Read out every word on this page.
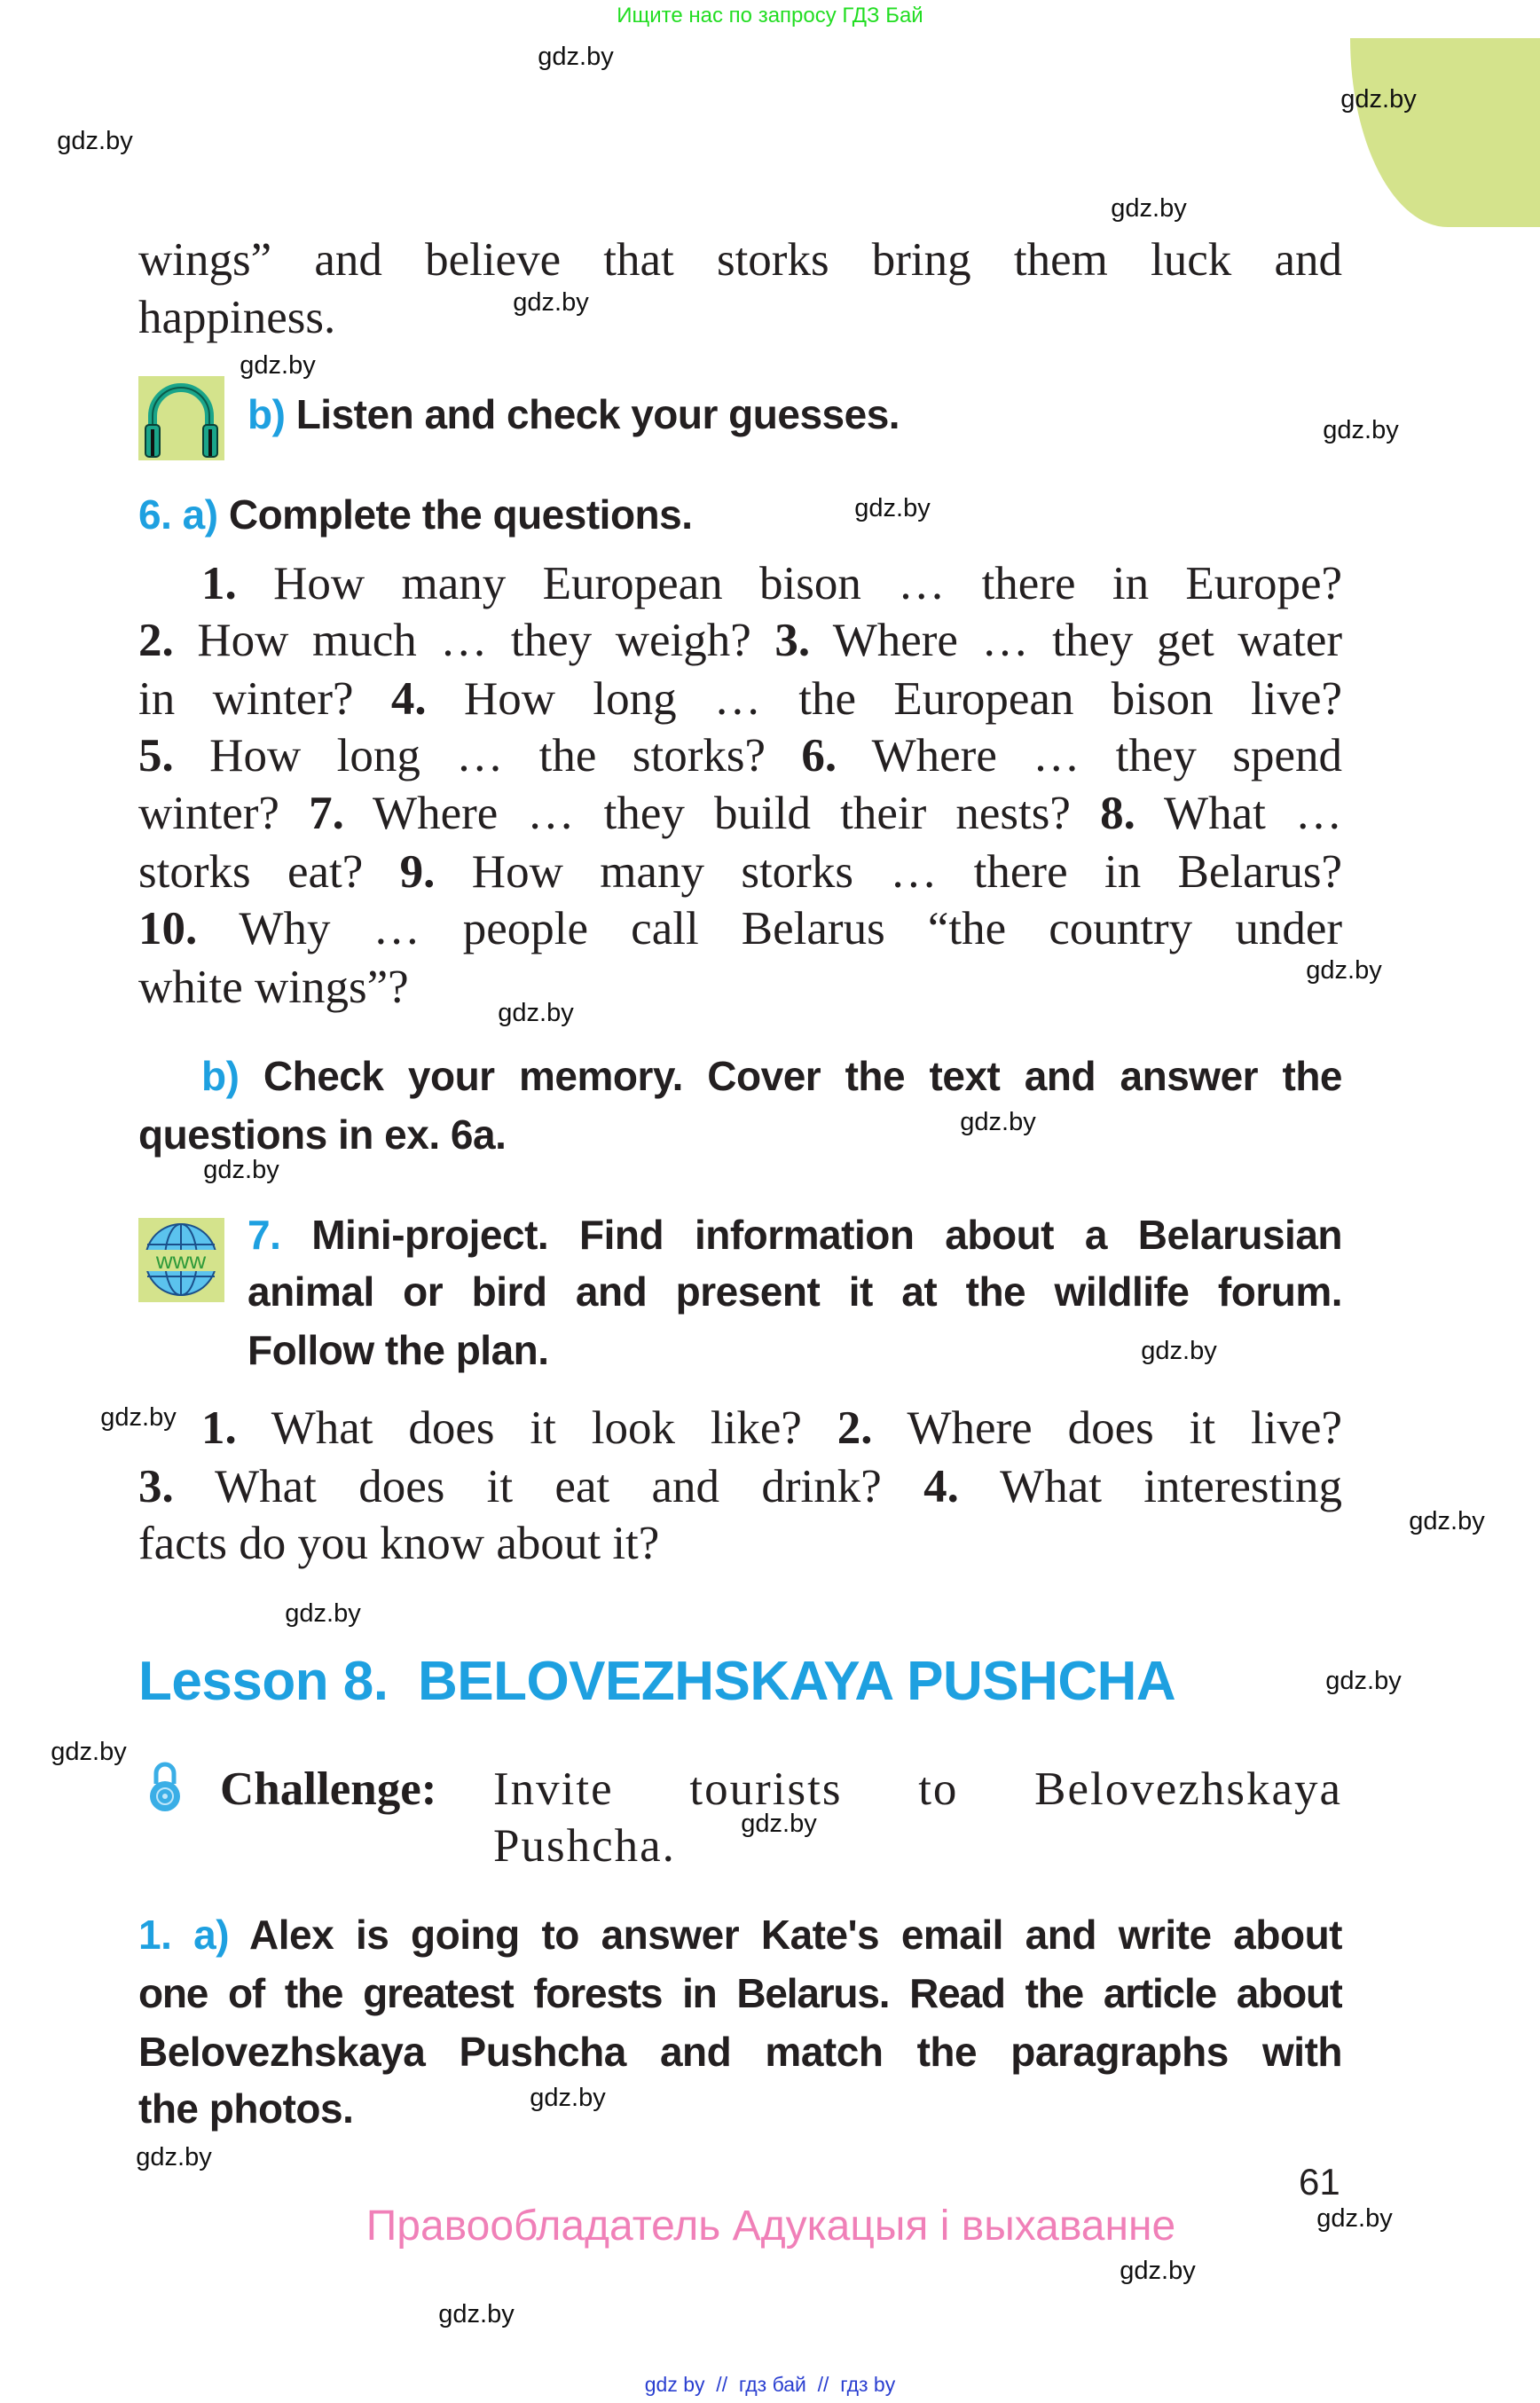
Ищите нас по запросу ГДЗ Бай
wings” and believe that storks bring them luck and
happiness.
b) Listen and check your guesses.
6. a) Complete the questions.
1. How many European bison … there in Europe?
2. How much … they weigh? 3. Where … they get water
in winter? 4. How long … the European bison live?
5. How long … the storks? 6. Where … they spend
winter? 7. Where … they build their nests? 8. What …
storks eat? 9. How many storks … there in Belarus?
10. Why … people call Belarus “the country under
white wings”?
b) Check your memory. Cover the text and answer the
questions in ex. 6a.
www
7. Mini-project. Find information about a Belarusian
animal or bird and present it at the wildlife forum.
Follow the plan.
1. What does it look like? 2. Where does it live?
3. What does it eat and drink? 4. What interesting
facts do you know about it?
Lesson 8. BELOVEZHSKAYA PUSHCHA
Challenge: Invite tourists to Belovezhskaya
Pushcha.
1. a) Alex is going to answer Kate's email and write about
one of the greatest forests in Belarus. Read the article about
Belovezhskaya Pushcha and match the paragraphs with
the photos.
61
Правообладатель Адукацыя і выхаванне
gdz by  //  гдз бай  //  гдз by
gdz.by
gdz.by
gdz.by
gdz.by
gdz.by
gdz.by
gdz.by
gdz.by
gdz.by
gdz.by
gdz.by
gdz.by
gdz.by
gdz.by
gdz.by
gdz.by
gdz.by
gdz.by
gdz.by
gdz.by
gdz.by
gdz.by
gdz.by
gdz.by
